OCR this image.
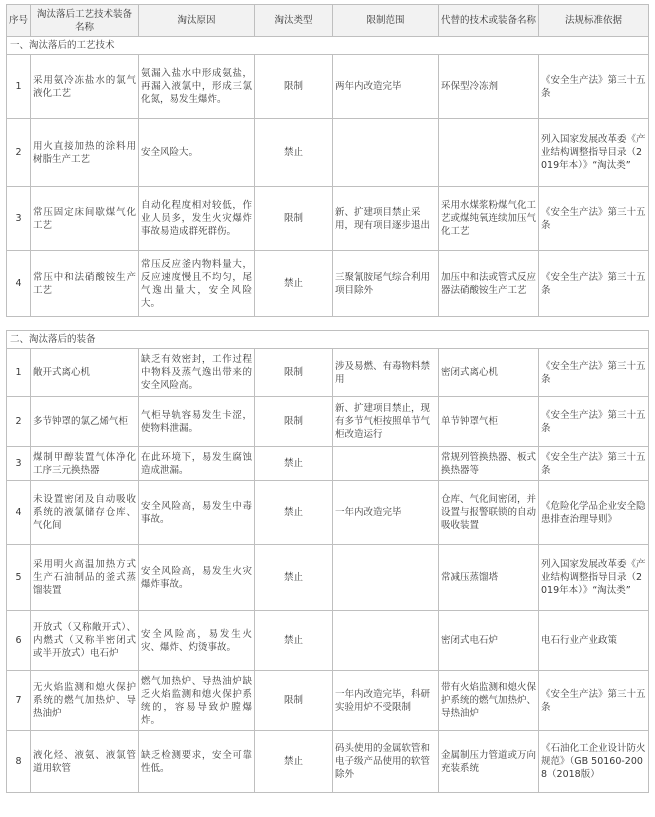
序号	淘汰落后工艺技术装备名称	淘汰原因	淘汰类型	限制范围	代替的技术或装备名称	法规标准依据
一、淘汰落后的工艺技术						
1	采用氨冷冻盐水的氯气液化工艺	氨漏入盐水中形成氨盐，再漏入液氯中，形成三氯化氮，易发生爆炸。	限制	两年内改造完毕	环保型冷冻剂	《安全生产法》第三十五条
2	用火直接加热的涂料用树脂生产工艺	安全风险大。	禁止			列入国家发展改革委《产业结构调整指导目录（2019年本）》“淘汰类”
3	常压固定床间歇煤气化工艺	自动化程度相对较低，作业人员多，发生火灾爆炸事故易造成群死群伤。	限制	新、扩建项目禁止采用，现有项目逐步退出	采用水煤浆粉煤气化工艺或煤纯氧连续加压气化工艺	《安全生产法》第三十五条
4	常压中和法硝酸铵生产工艺	常压反应釜内物料量大，反应速度慢且不均匀，尾气逸出量大，安全风险大。	禁止	三聚氰胺尾气综合利用项目除外	加压中和法或管式反应器法硝酸铵生产工艺	《安全生产法》第三十五条
二、淘汰落后的装备						
1	敞开式离心机	缺乏有效密封，工作过程中物料及蒸气逸出带来的安全风险高。	限制	涉及易燃、有毒物料禁用	密闭式离心机	《安全生产法》第三十五条
2	多节钟罩的氯乙烯气柜	气柜导轨容易发生卡涩，使物料泄漏。	限制	新、扩建项目禁止，现有多节气柜按照单节气柜改造运行	单节钟罩气柜	《安全生产法》第三十五条
3	煤制甲醇装置气体净化工序三元换热器	在此环境下，易发生腐蚀造成泄漏。	禁止		常规列管换热器、板式换热器等	《安全生产法》第三十五条
4	未设置密闭及自动吸收系统的液氯储存仓库、气化间	安全风险高，易发生中毒事故。	禁止	一年内改造完毕	仓库、气化间密闭，并设置与报警联锁的自动吸收装置	《危险化学品企业安全隐患排查治理导则》
5	采用明火高温加热方式生产石油制品的釜式蒸馏装置	安全风险高，易发生火灾爆炸事故。	禁止		常减压蒸馏塔	列入国家发展改革委《产业结构调整指导目录（2019年本）》“淘汰类”
6	开放式（又称敞开式）、内燃式（又称半密闭式或半开放式）电石炉	安全风险高，易发生火灾、爆炸、灼烫事故。	禁止		密闭式电石炉	电石行业产业政策
7	无火焰监测和熄火保护系统的燃气加热炉、导热油炉	燃气加热炉、导热油炉缺乏火焰监测和熄火保护系统的，容易导致炉膛爆炸。	限制	一年内改造完毕，科研实验用炉不受限制	带有火焰监测和熄火保护系统的燃气加热炉、导热油炉	《安全生产法》第三十五条
8	液化烃、液氨、液氯管道用软管	缺乏检测要求，安全可靠性低。	禁止	码头使用的金属软管和电子级产品使用的软管除外	金属制压力管道或万向充装系统	《石油化工企业设计防火规范》（GB 50160-2008（2018版）
